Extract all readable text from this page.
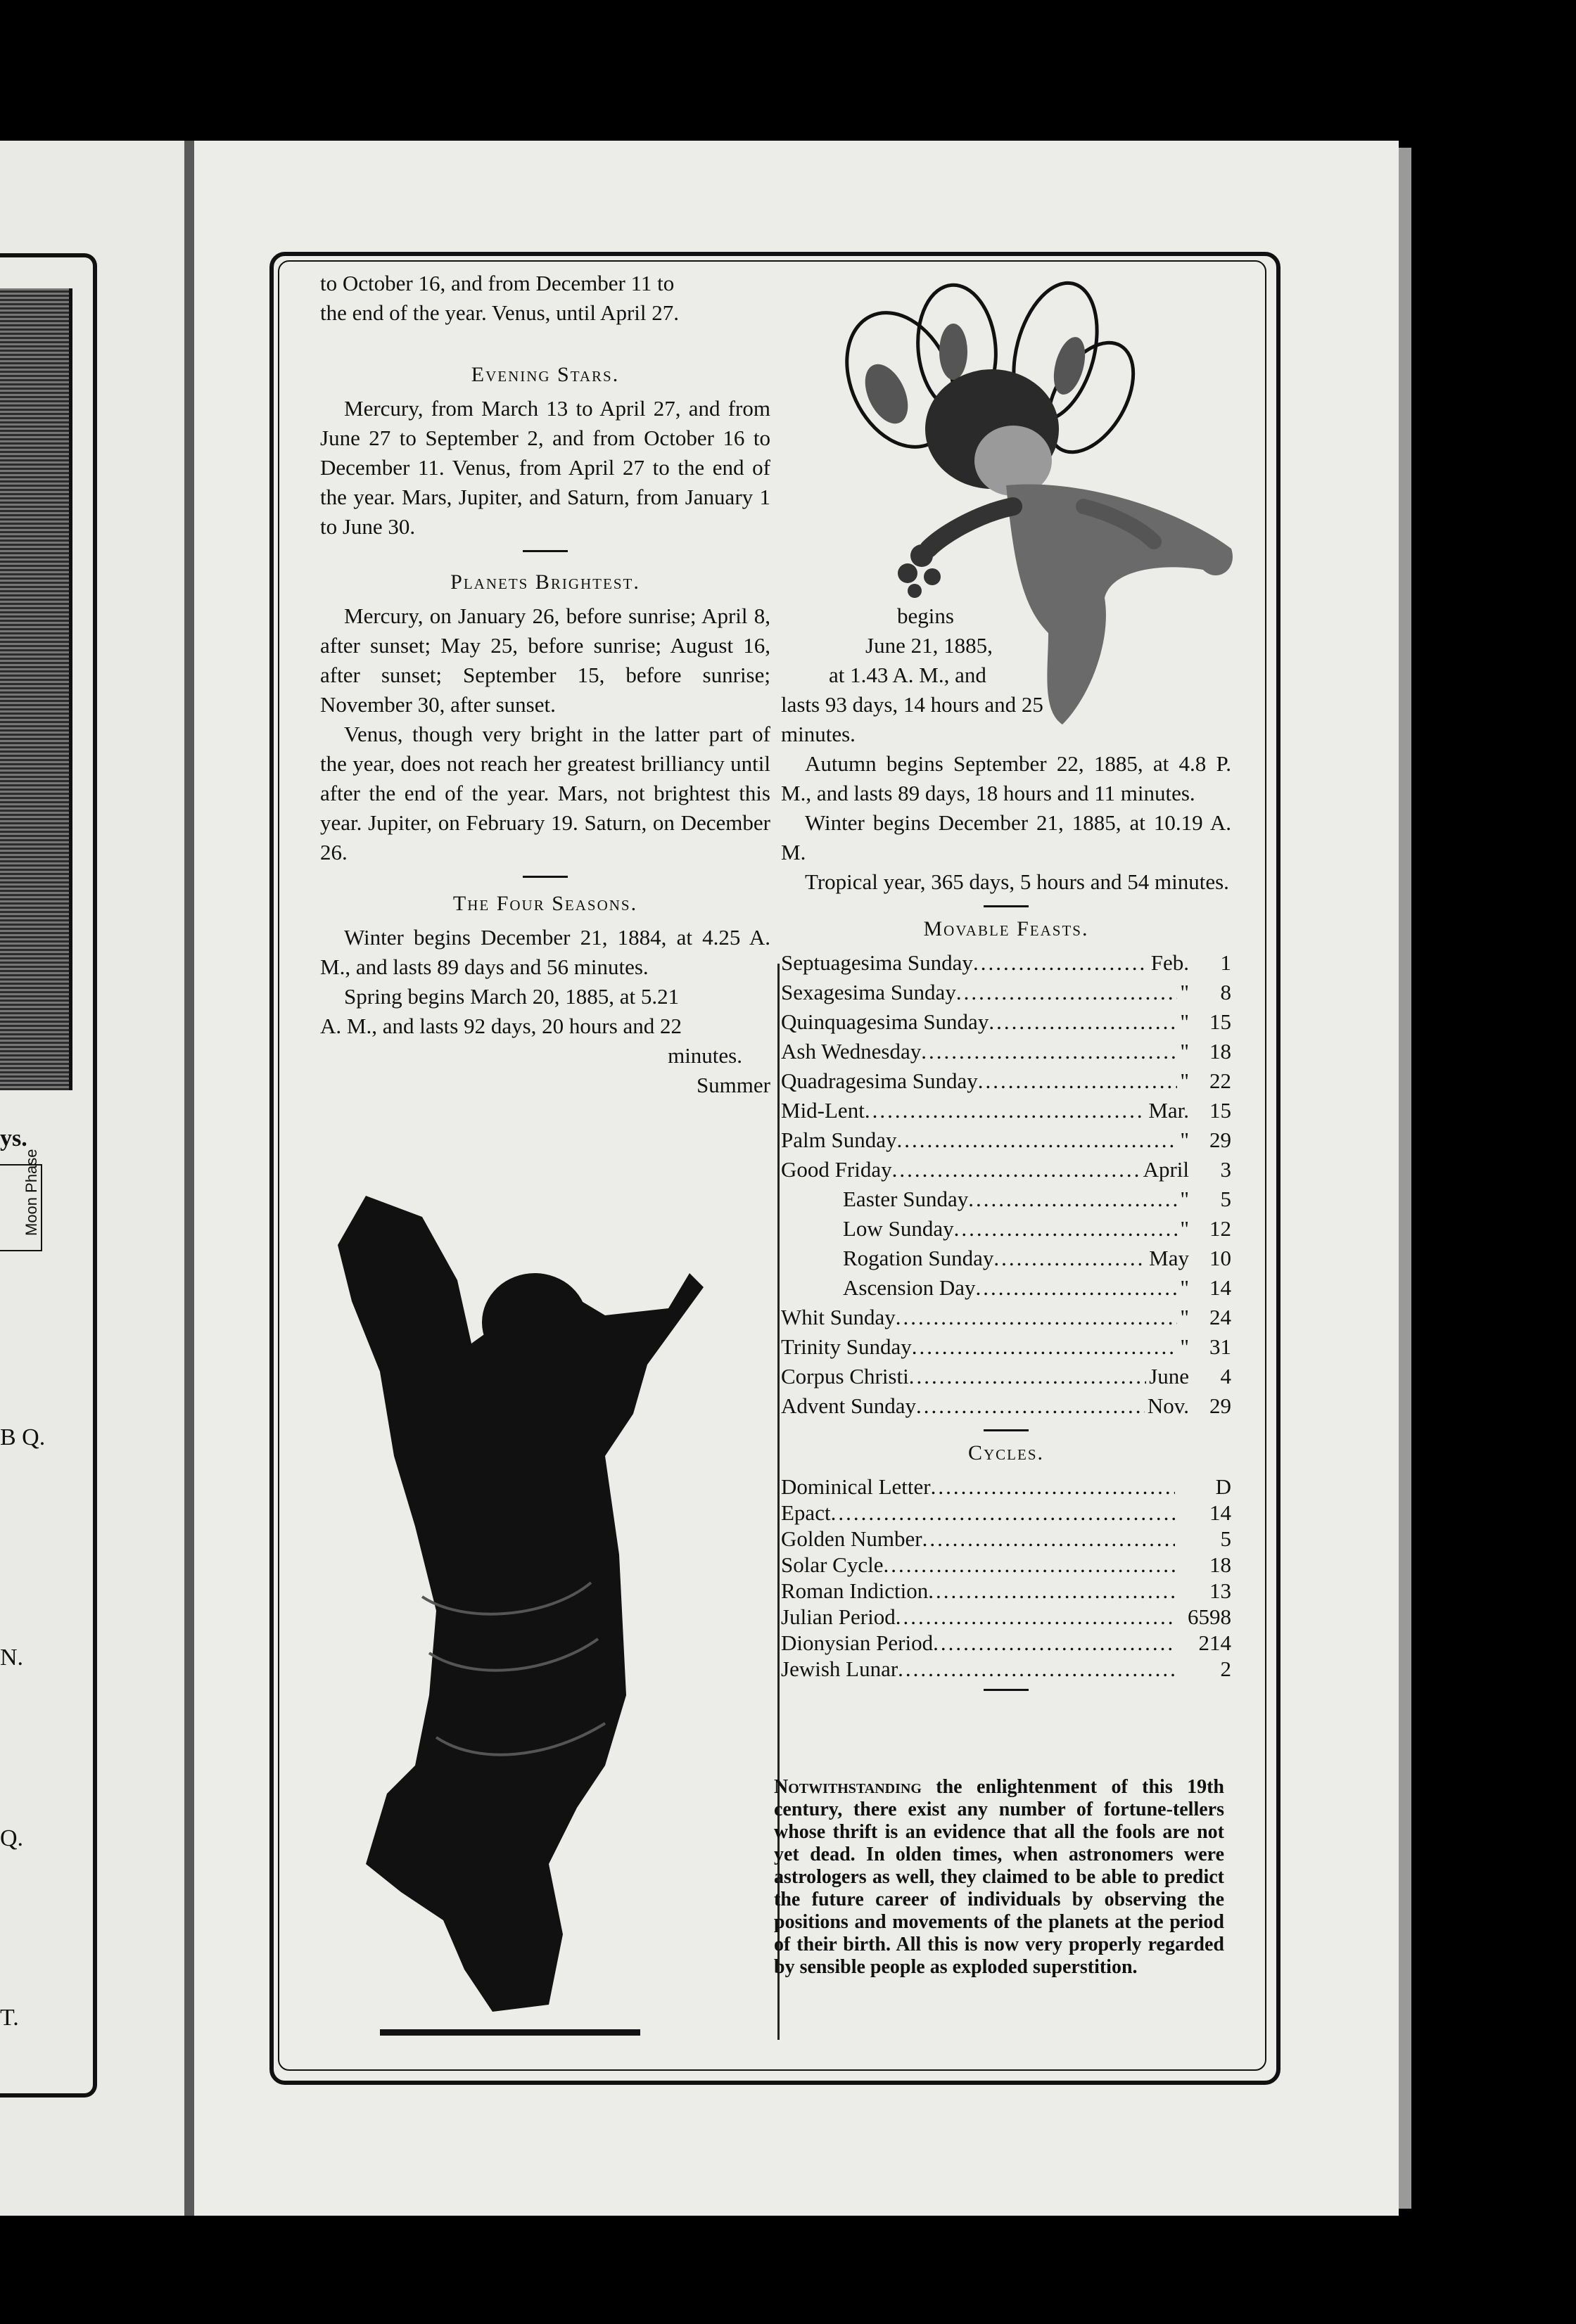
ys.
Moon Phase
B Q.
N.
Q.
T.

to October 16, and from December 11 to

the end of the year. Venus, until April 27.

Evening Stars.

Mercury, from March 13 to April 27, and from June 27 to September 2, and from October 16 to December 11. Venus, from April 27 to the end of the year. Mars, Jupiter, and Saturn, from January 1 to June 30.

Planets Brightest.

Mercury, on January 26, before sunrise; April 8, after sunset; May 25, before sunrise; August 16, after sunset; September 15, before sunrise; November 30, after sunset.

Venus, though very bright in the latter part of the year, does not reach her greatest brilliancy until after the end of the year. Mars, not brightest this year. Jupiter, on February 19. Saturn, on December 26.

The Four Seasons.

Winter begins December 21, 1884, at 4.25 A. M., and lasts 89 days and 56 minutes.

Spring begins March 20, 1885, at 5.21

A. M., and lasts 92 days, 20 hours and 22

minutes.

Summer

begins

June 21, 1885,

at 1.43 A. M., and

lasts 93 days, 14 hours and 25

minutes.

Autumn begins September 22, 1885, at 4.8 P. M., and lasts 89 days, 18 hours and 11 minutes.

Winter begins December 21, 1885, at 10.19 A. M.

Tropical year, 365 days, 5 hours and 54 minutes.

Movable Feasts.
Septuagesima Sunday .....	Feb.	1
Sexagesima Sunday .....	"	8
Quinquagesima Sunday .....	" 15
Ash Wednesday .....	" 18
Quadragesima Sunday .....	" 22
Mid-Lent .....	Mar. 15
Palm Sunday .....	" 29
Good Friday .....	April	3
Easter Sunday .....	"	5
Low Sunday .....	" 12
Rogation Sunday .....	May 10
Ascension Day .....	" 14
Whit Sunday .....	" 24
Trinity Sunday .....	" 31
Corpus Christi .....	June	4
Advent Sunday .....	Nov. 29
Cycles.
Dominical Letter .....	D
Epact .....	14
Golden Number .....	5
Solar Cycle .....	18
Roman Indiction .....	13
Julian Period .....	6598
Dionysian Period .....	214
Jewish Lunar .....	2
Notwithstanding the enlightenment of this 19th century, there exist any number of fortune-tellers whose thrift is an evidence that all the fools are not yet dead. In olden times, when astronomers were astrologers as well, they claimed to be able to predict the future career of individuals by observing the positions and movements of the planets at the period of their birth. All this is now very properly regarded by sensible people as exploded superstition.
